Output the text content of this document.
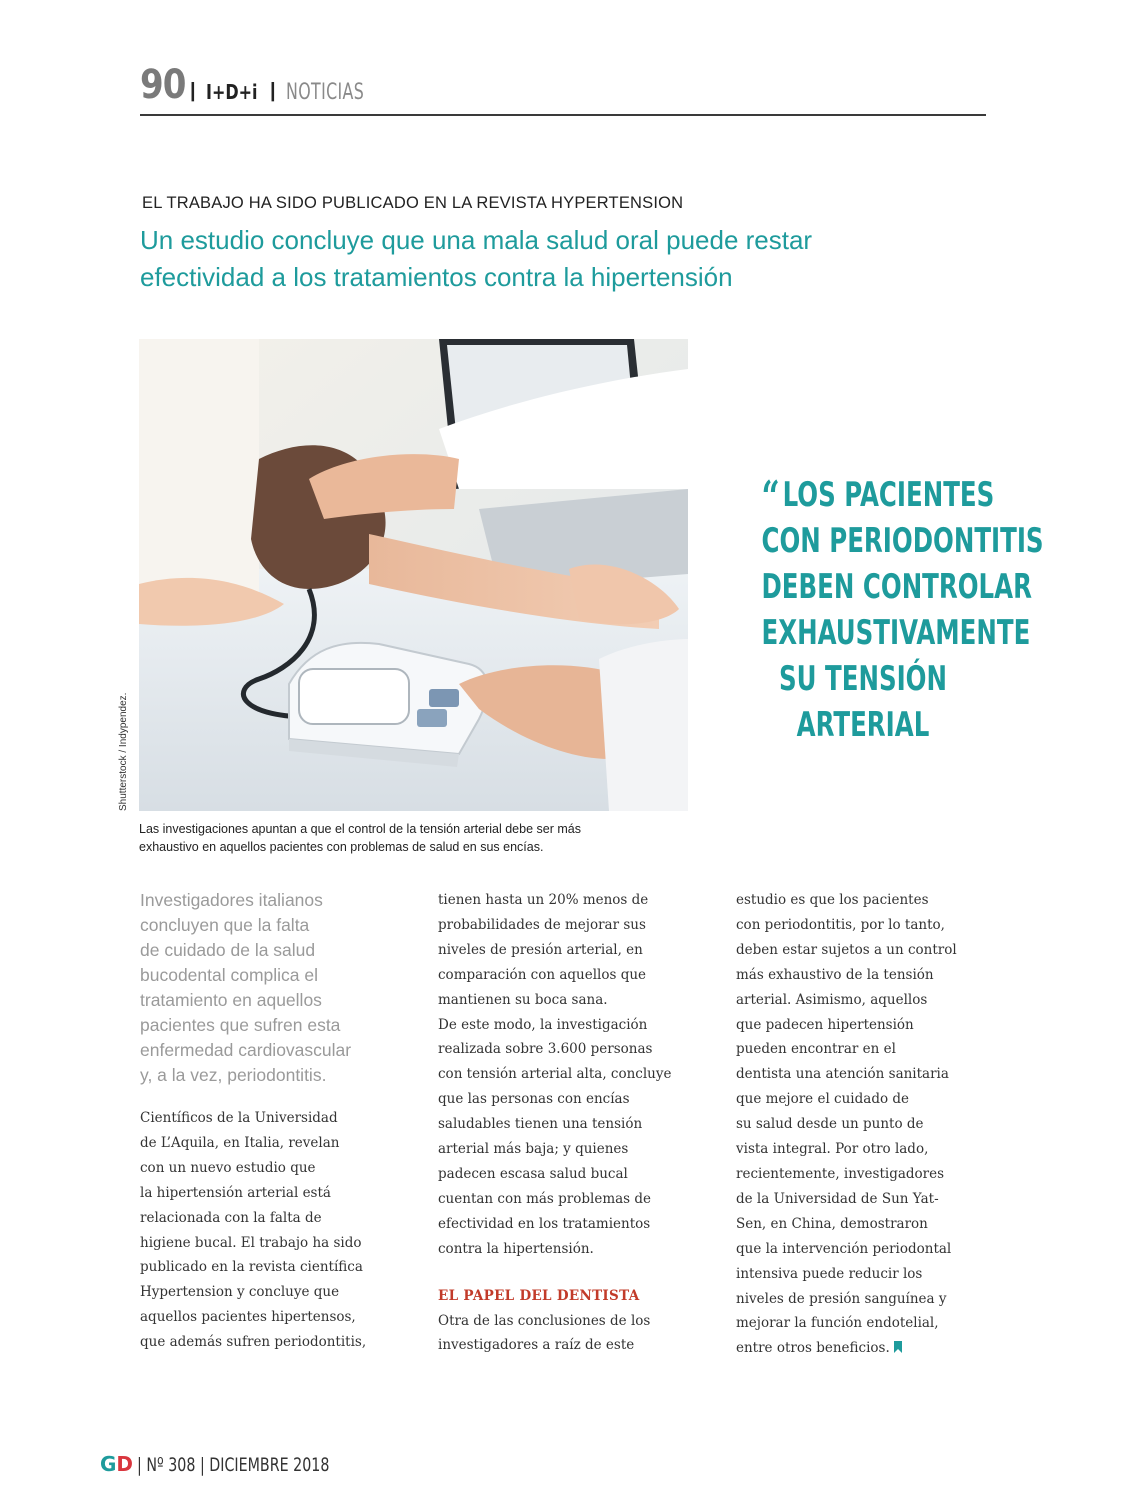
90 | I+D+i | NOTICIAS
EL TRABAJO HA SIDO PUBLICADO EN LA REVISTA HYPERTENSION
Un estudio concluye que una mala salud oral puede restar
efectividad a los tratamientos contra la hipertensión
Shutterstock / Indypendez.
Las investigaciones apuntan a que el control de la tensión arterial debe ser más
exhaustivo en aquellos pacientes con problemas de salud en sus encías.
“LOS PACIENTES
CON PERIODONTITIS
DEBEN CONTROLAR
EXHAUSTIVAMENTE
SU TENSIÓN
ARTERIAL
Investigadores italianos
concluyen que la falta
de cuidado de la salud
bucodental complica el
tratamiento en aquellos
pacientes que sufren esta
enfermedad cardiovascular
y, a la vez, periodontitis.
Científicos de la Universidad
de L’Aquila, en Italia, revelan
con un nuevo estudio que
la hipertensión arterial está
relacionada con la falta de
higiene bucal. El trabajo ha sido
publicado en la revista científica
Hypertension y concluye que
aquellos pacientes hipertensos,
que además sufren periodontitis,
tienen hasta un 20% menos de
probabilidades de mejorar sus
niveles de presión arterial, en
comparación con aquellos que
mantienen su boca sana.
De este modo, la investigación
realizada sobre 3.600 personas
con tensión arterial alta, concluye
que las personas con encías
saludables tienen una tensión
arterial más baja; y quienes
padecen escasa salud bucal
cuentan con más problemas de
efectividad en los tratamientos
contra la hipertensión.
EL PAPEL DEL DENTISTA
Otra de las conclusiones de los
investigadores a raíz de este
estudio es que los pacientes
con periodontitis, por lo tanto,
deben estar sujetos a un control
más exhaustivo de la tensión
arterial. Asimismo, aquellos
que padecen hipertensión
pueden encontrar en el
dentista una atención sanitaria
que mejore el cuidado de
su salud desde un punto de
vista integral. Por otro lado,
recientemente, investigadores
de la Universidad de Sun Yat-
Sen, en China, demostraron
que la intervención periodontal
intensiva puede reducir los
niveles de presión sanguínea y
mejorar la función endotelial,
entre otros beneficios.
GD | Nº 308 | DICIEMBRE 2018
